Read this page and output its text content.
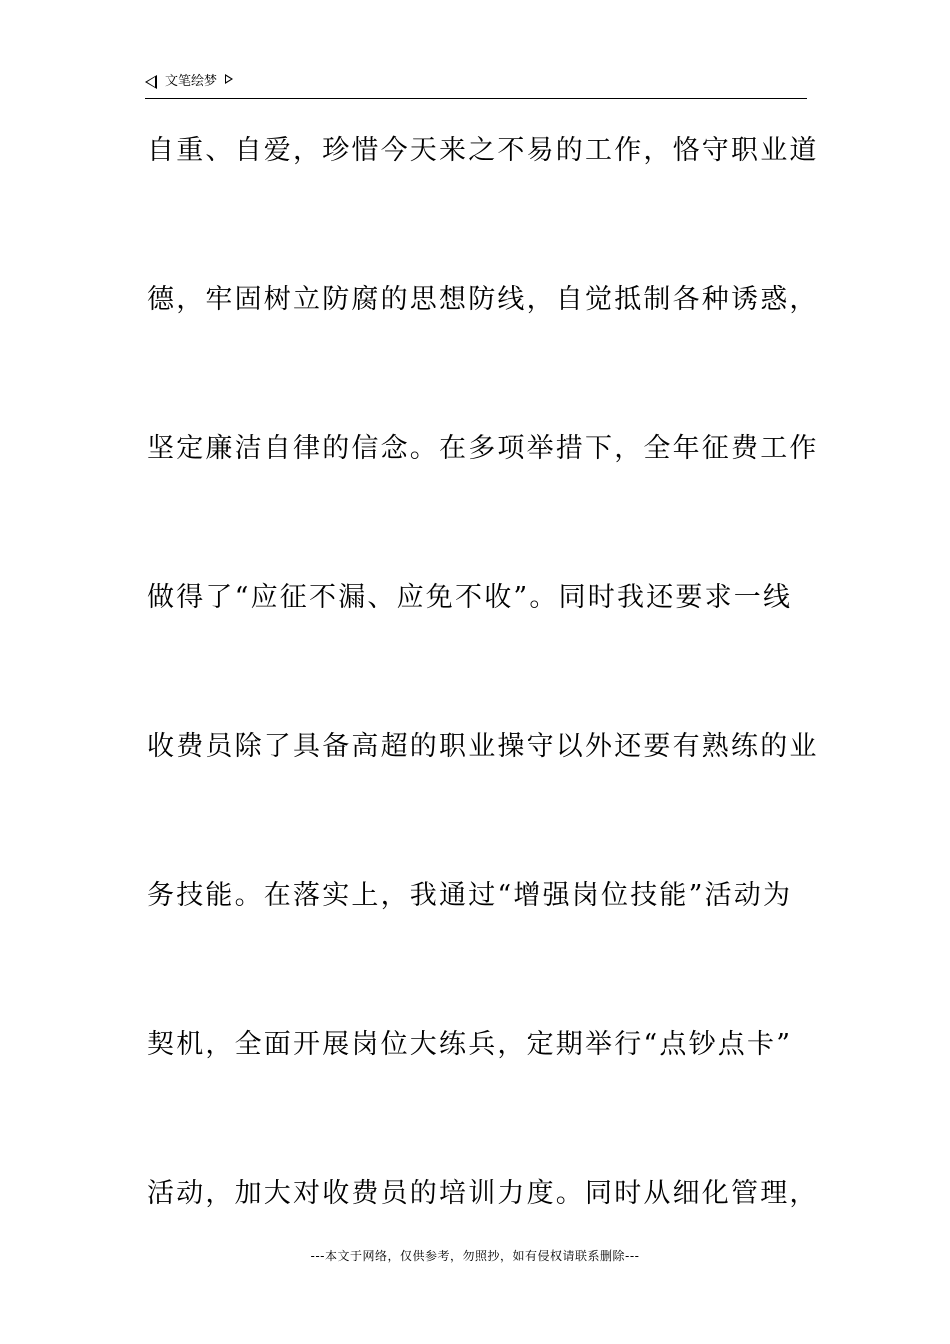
文笔绘梦
自重、自爱，珍惜今天来之不易的工作，恪守职业道
德，牢固树立防腐的思想防线，自觉抵制各种诱惑，
坚定廉洁自律的信念。在多项举措下，全年征费工作
做得了“应征不漏、应免不收”。同时我还要求一线
收费员除了具备高超的职业操守以外还要有熟练的业
务技能。在落实上，我通过“增强岗位技能”活动为
契机，全面开展岗位大练兵，定期举行“点钞点卡”
活动，加大对收费员的培训力度。同时从细化管理，
---本文于网络，仅供参考，勿照抄，如有侵权请联系删除---
